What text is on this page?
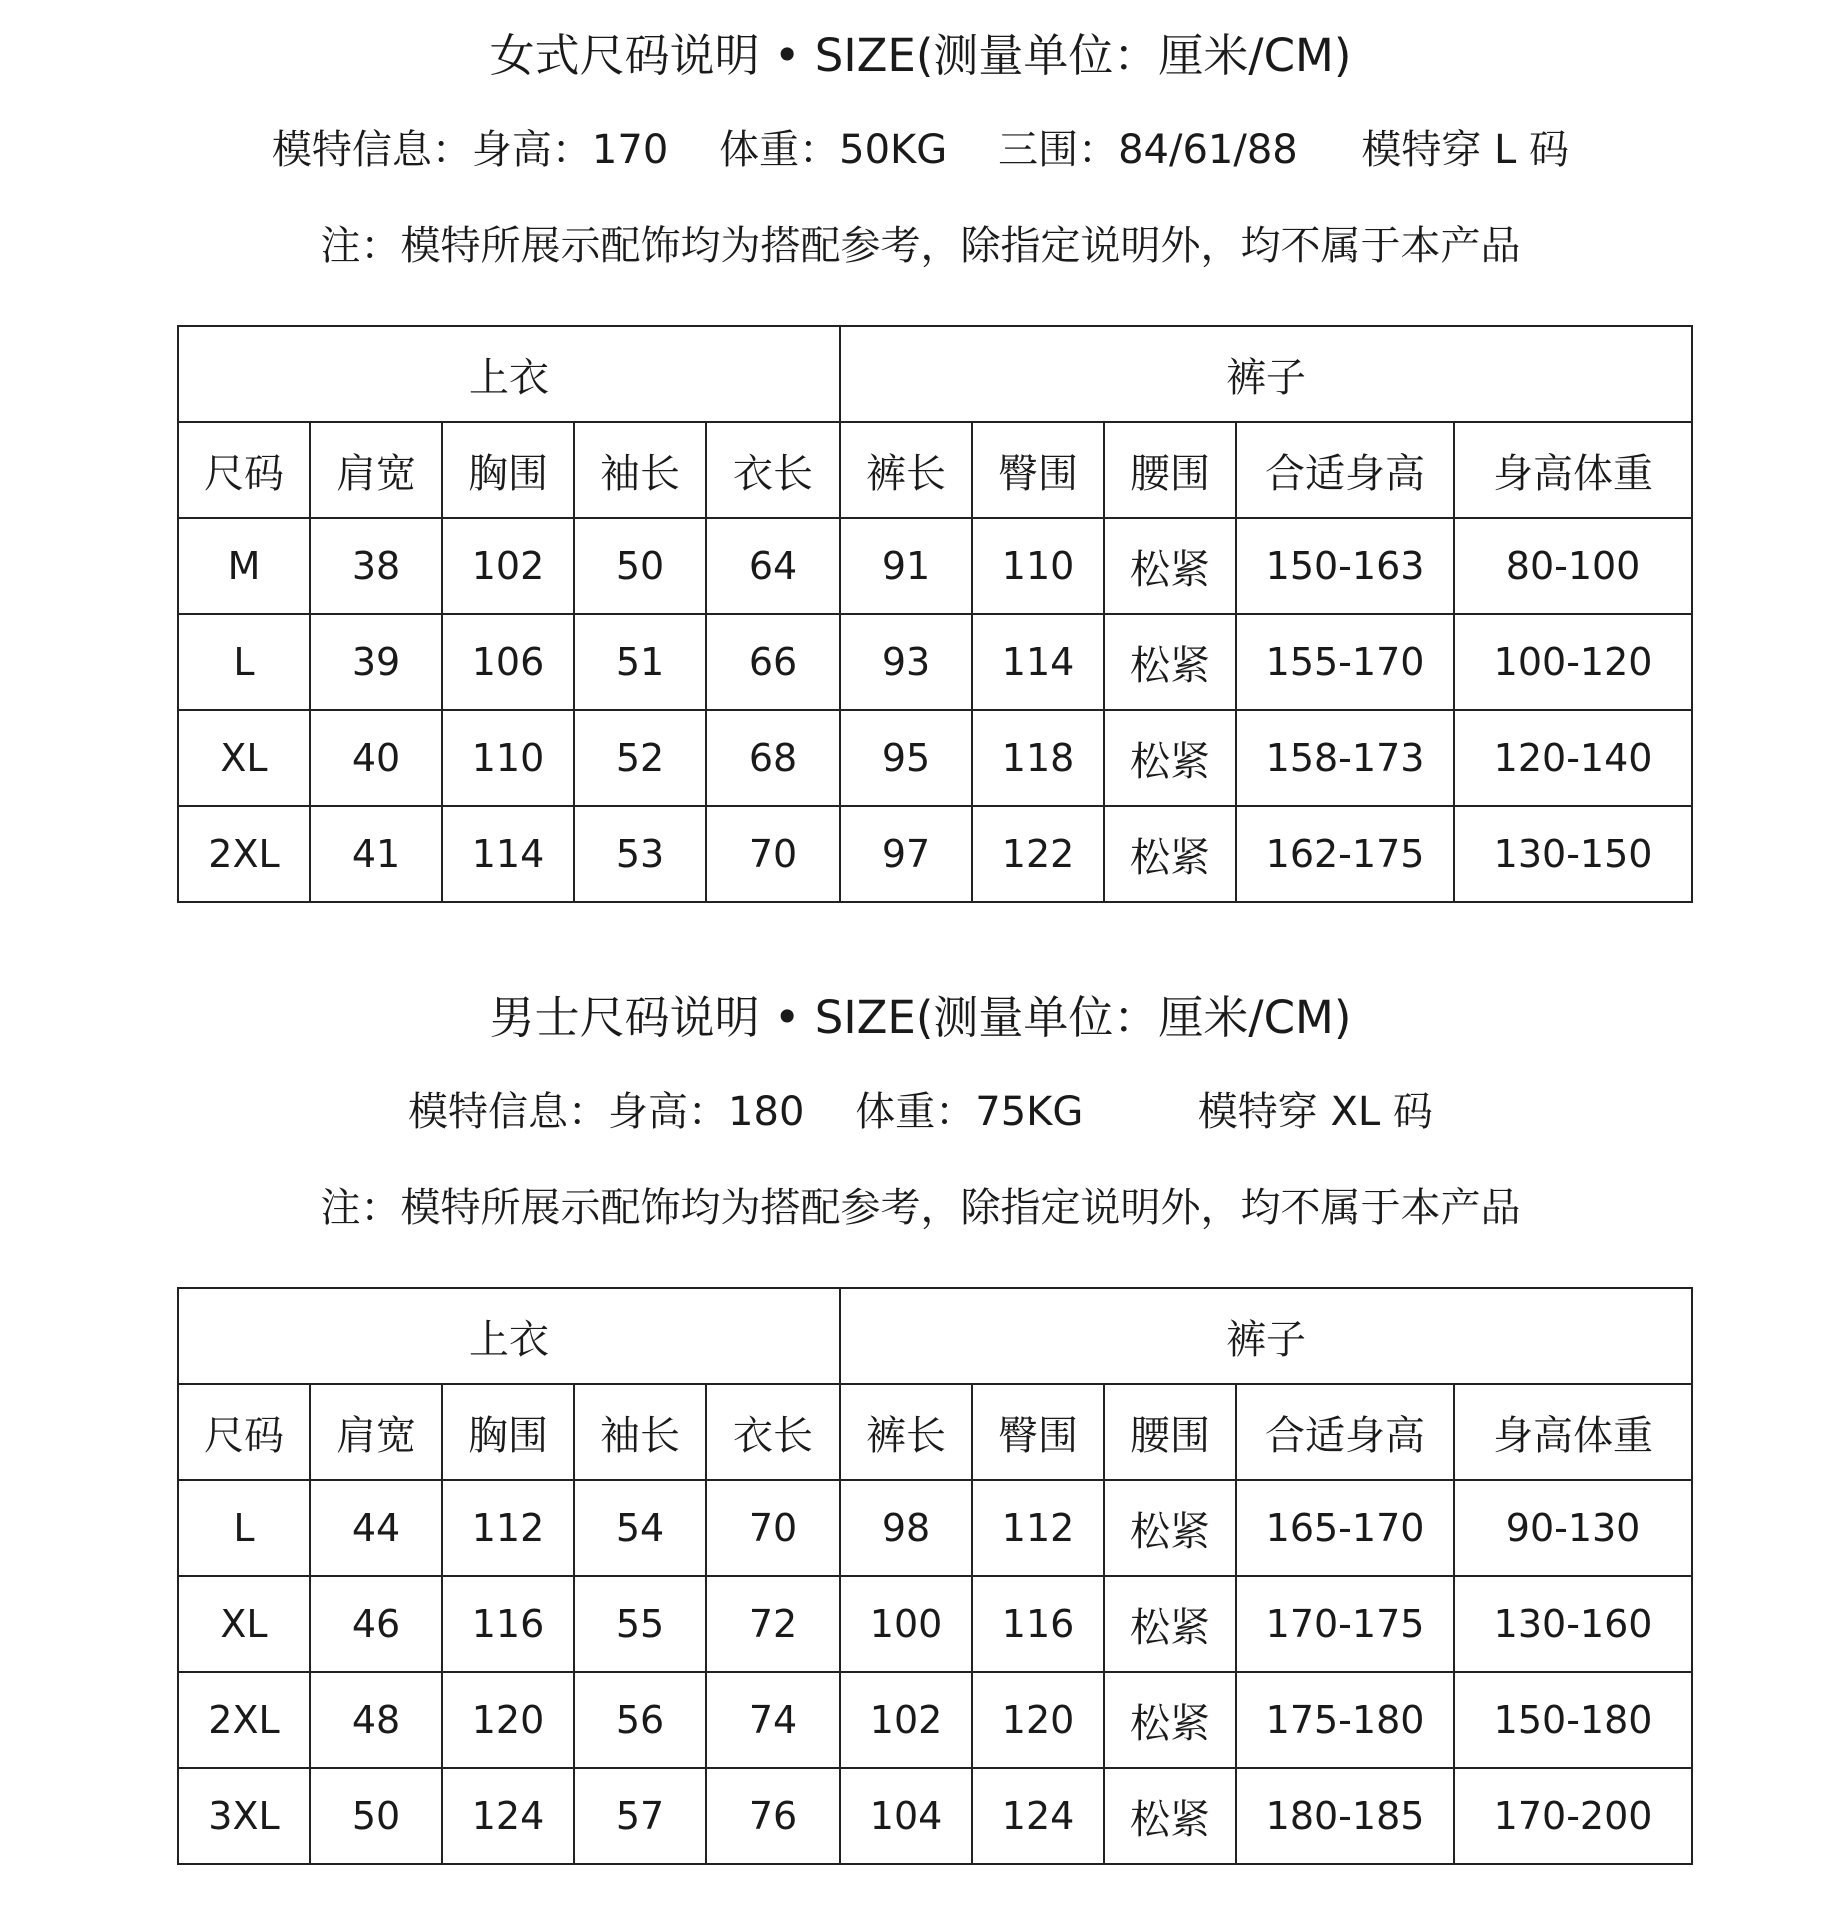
女式尺码说明 • SIZE(测量单位：厘米/CM)
模特信息：身高：170    体重：50KG    三围：84/61/88     模特穿 L 码
注：模特所展示配饰均为搭配参考，除指定说明外，均不属于本产品
上衣					裤子				
尺码	肩宽	胸围	袖长	衣长	裤长	臀围	腰围	合适身高	身高体重
M	38	102	50	64	91	110	松紧	150-163	80-100
L	39	106	51	66	93	114	松紧	155-170	100-120
XL	40	110	52	68	95	118	松紧	158-173	120-140
2XL	41	114	53	70	97	122	松紧	162-175	130-150
男士尺码说明 • SIZE(测量单位：厘米/CM)
模特信息：身高：180    体重：75KG         模特穿 XL 码
注：模特所展示配饰均为搭配参考，除指定说明外，均不属于本产品
上衣					裤子				
尺码	肩宽	胸围	袖长	衣长	裤长	臀围	腰围	合适身高	身高体重
L	44	112	54	70	98	112	松紧	165-170	90-130
XL	46	116	55	72	100	116	松紧	170-175	130-160
2XL	48	120	56	74	102	120	松紧	175-180	150-180
3XL	50	124	57	76	104	124	松紧	180-185	170-200
